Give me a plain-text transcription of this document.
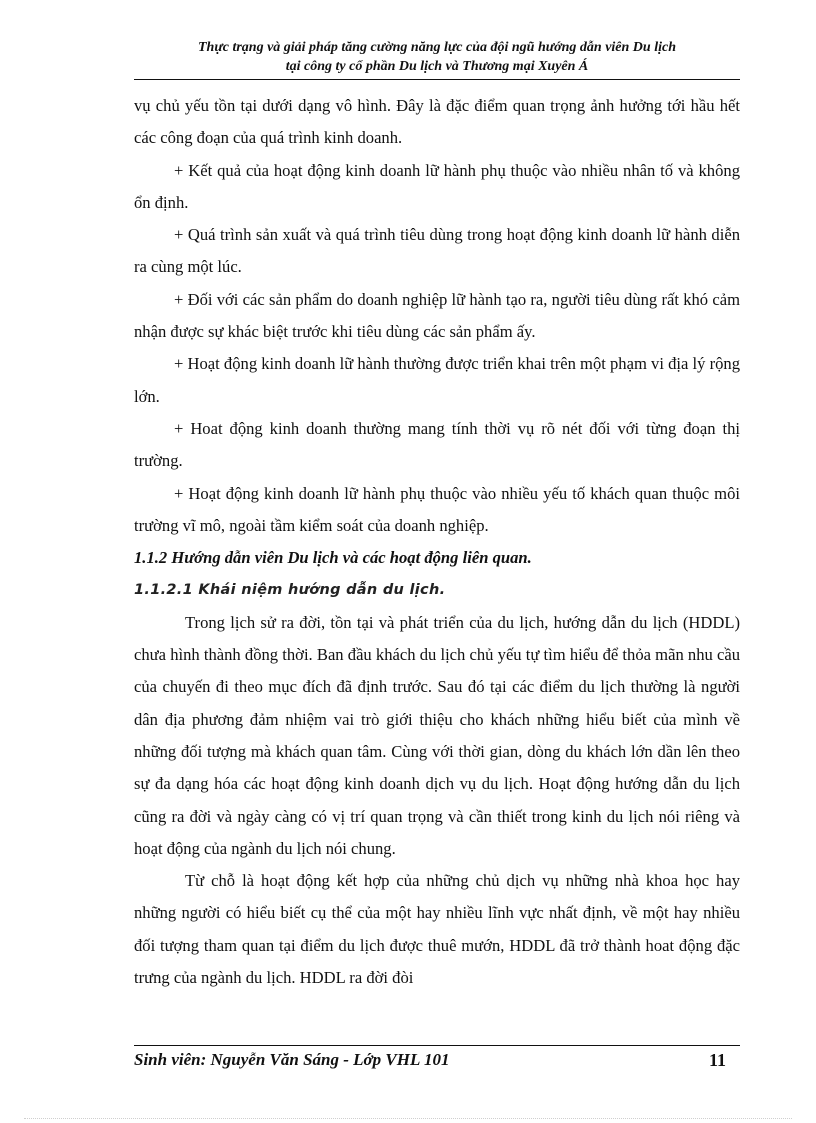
Thực trạng và giải pháp tăng cường năng lực của đội ngũ hướng dẫn viên Du lịch
tại công ty cổ phần Du lịch và Thương mại Xuyên Á

vụ chủ yếu tồn tại dưới dạng vô hình. Đây là đặc điểm quan trọng ảnh hưởng tới hầu hết các công đoạn của quá trình kinh doanh.

+ Kết quả của hoạt động kinh doanh lữ hành phụ thuộc vào nhiều nhân tố và không ổn định.

+ Quá trình sản xuất và quá trình tiêu dùng trong hoạt động kinh doanh lữ hành diễn ra cùng một lúc.

+ Đối với các sản phẩm do doanh nghiệp lữ hành tạo ra, người tiêu dùng rất khó cảm nhận được sự khác biệt trước khi tiêu dùng các sản phẩm ấy.

+ Hoạt động kinh doanh lữ hành thường được triển khai trên một phạm vi địa lý rộng lớn.

+ Hoat động kinh doanh thường mang tính thời vụ rõ nét đối với từng đoạn thị trường.

+ Hoạt động kinh doanh lữ hành phụ thuộc vào nhiều yếu tố khách quan thuộc môi trường vĩ mô, ngoài tầm kiểm soát của doanh nghiệp.

1.1.2 Hướng dẫn viên Du lịch và các hoạt động liên quan.
1.1.2.1 Khái niệm hướng dẫn du lịch.

Trong lịch sử ra đời, tồn tại và phát triển của du lịch, hướng dẫn du lịch (HDDL) chưa hình thành đồng thời. Ban đầu khách du lịch chủ yếu tự tìm hiểu để thỏa mãn nhu cầu của chuyến đi theo mục đích đã định trước. Sau đó tại các điểm du lịch thường là người dân địa phương đảm nhiệm vai trò giới thiệu cho khách những hiểu biết của mình về những đối tượng mà khách quan tâm. Cùng với thời gian, dòng du khách lớn dần lên theo sự đa dạng hóa các hoạt động kinh doanh dịch vụ du lịch. Hoạt động hướng dẫn du lịch cũng ra đời và ngày càng có vị trí quan trọng và cần thiết trong kinh du lịch nói riêng và hoạt động của ngành du lịch nói chung.

Từ chỗ là hoạt động kết hợp của những chủ dịch vụ những nhà khoa học hay những người có hiểu biết cụ thể của một hay nhiều lĩnh vực nhất định, về một hay nhiều đối tượng tham quan tại điểm du lịch được thuê mướn, HDDL đã trở thành hoat động đặc trưng của ngành du lịch. HDDL ra đời đòi

Sinh viên: Nguyễn Văn Sáng - Lớp VHL 101	11
